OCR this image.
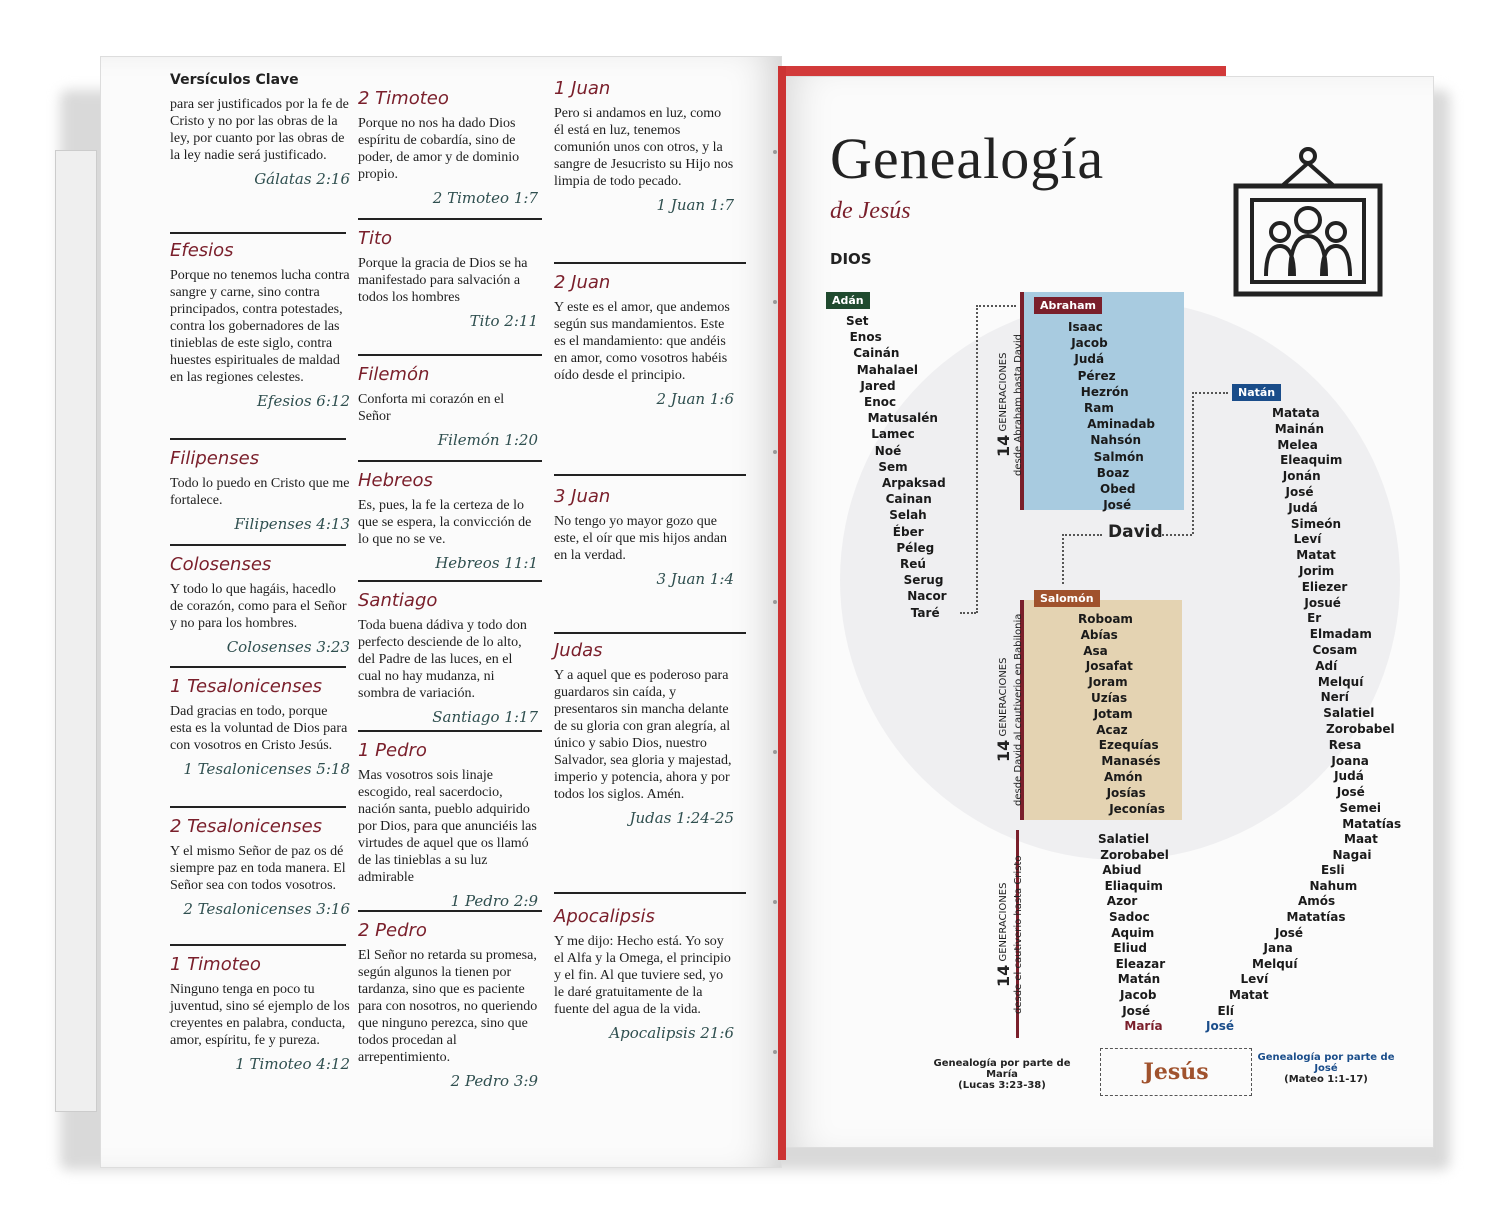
Versículos Clave

para ser justificados por la fe de Cristo y no por las obras de la ley, por cuanto por las obras de la ley nadie será justificado.

Gálatas 2:16
Efesios

Porque no tenemos lucha contra sangre y carne, sino contra principados, contra potestades, contra los gobernadores de las tinieblas de este siglo, contra huestes espirituales de maldad en las regiones celestes.

Efesios 6:12
Filipenses

Todo lo puedo en Cristo que me fortalece.

Filipenses 4:13
Colosenses

Y todo lo que hagáis, hacedlo de corazón, como para el Señor y no para los hombres.

Colosenses 3:23
1 Tesalonicenses

Dad gracias en todo, porque esta es la voluntad de Dios para con vosotros en Cristo Jesús.

1 Tesalonicenses 5:18
2 Tesalonicenses

Y el mismo Señor de paz os dé siempre paz en toda manera. El Señor sea con todos vosotros.

2 Tesalonicenses 3:16
1 Timoteo

Ninguno tenga en poco tu juventud, sino sé ejemplo de los creyentes en palabra, conducta, amor, espíritu, fe y pureza.

1 Timoteo 4:12
2 Timoteo

Porque no nos ha dado Dios espíritu de cobardía, sino de poder, de amor y de dominio propio.

2 Timoteo 1:7
Tito

Porque la gracia de Dios se ha manifestado para salvación a todos los hombres

Tito 2:11
Filemón

Conforta mi corazón en el Señor

Filemón 1:20
Hebreos

Es, pues, la fe la certeza de lo que se espera, la convicción de lo que no se ve.

Hebreos 11:1
Santiago

Toda buena dádiva y todo don perfecto desciende de lo alto, del Padre de las luces, en el cual no hay mudanza, ni sombra de variación.

Santiago 1:17
1 Pedro

Mas vosotros sois linaje escogido, real sacerdocio, nación santa, pueblo adquirido por Dios, para que anunciéis las virtudes de aquel que os llamó de las tinieblas a su luz admirable

1 Pedro 2:9
2 Pedro

El Señor no retarda su promesa, según algunos la tienen por tardanza, sino que es paciente para con nosotros, no queriendo que ninguno perezca, sino que todos procedan al arrepentimiento.

2 Pedro 3:9
1 Juan

Pero si andamos en luz, como él está en luz, tenemos comunión unos con otros, y la sangre de Jesucristo su Hijo nos limpia de todo pecado.

1 Juan 1:7
2 Juan

Y este es el amor, que andemos según sus mandamientos. Este es el mandamiento: que andéis en amor, como vosotros habéis oído desde el principio.

2 Juan 1:6
3 Juan

No tengo yo mayor gozo que este, el oír que mis hijos andan en la verdad.

3 Juan 1:4
Judas

Y a aquel que es poderoso para guardaros sin caída, y presentaros sin mancha delante de su gloria con gran alegría, al único y sabio Dios, nuestro Salvador, sea gloria y majestad, imperio y potencia, ahora y por todos los siglos. Amén.

Judas 1:24-25
Apocalipsis

Y me dijo: Hecho está. Yo soy el Alfa y la Omega, el principio y el fin. Al que tuviere sed, yo le daré gratuitamente de la fuente del agua de la vida.

Apocalipsis 21:6
Genealogía
de Jesús
DIOS
Adán	Abraham
Natán
Salomón
David
14 GENERACIONES desde Abraham hasta David
14 GENERACIONES desde David al cautiverio en Babilonia
14 GENERACIONES desde el cautiverio hasta Cristo
Set
Enos
Cainán
Mahalael
Jared
Enoc
Matusalén
Lamec
Noé
Sem
Arpaksad
Cainan
Selah
Éber
Péleg
Reú
Serug
Nacor
Taré
Isaac
Jacob
Judá
Pérez
Hezrón
Ram
Aminadab
Nahsón
Salmón
Boaz
Obed
José
Roboam
Abías
Asa
Josafat
Joram
Uzías
Jotam
Acaz
Ezequías
Manasés
Amón
Josías
Jeconías
Salatiel
Zorobabel
Abiud
Eliaquim
Azor
Sadoc
Aquim
Eliud
Eleazar
Matán
Jacob
José
María
Matata
Mainán
Melea
Eleaquim
Jonán
José
Judá
Simeón
Leví
Matat
Jorim
Eliezer
Josué
Er
Elmadam
Cosam
Adí
Melquí
Nerí
Salatiel
Zorobabel
Resa
Joana
Judá
José
Semei
Matatías
Maat
Nagai
Esli
Nahum
Amós
Matatías
José
Jana
Melquí
Leví
Matat
Elí
José
Genealogía por parte de María
(Lucas 3:23-38)
Jesús
Genealogía por parte de José
(Mateo 1:1-17)
